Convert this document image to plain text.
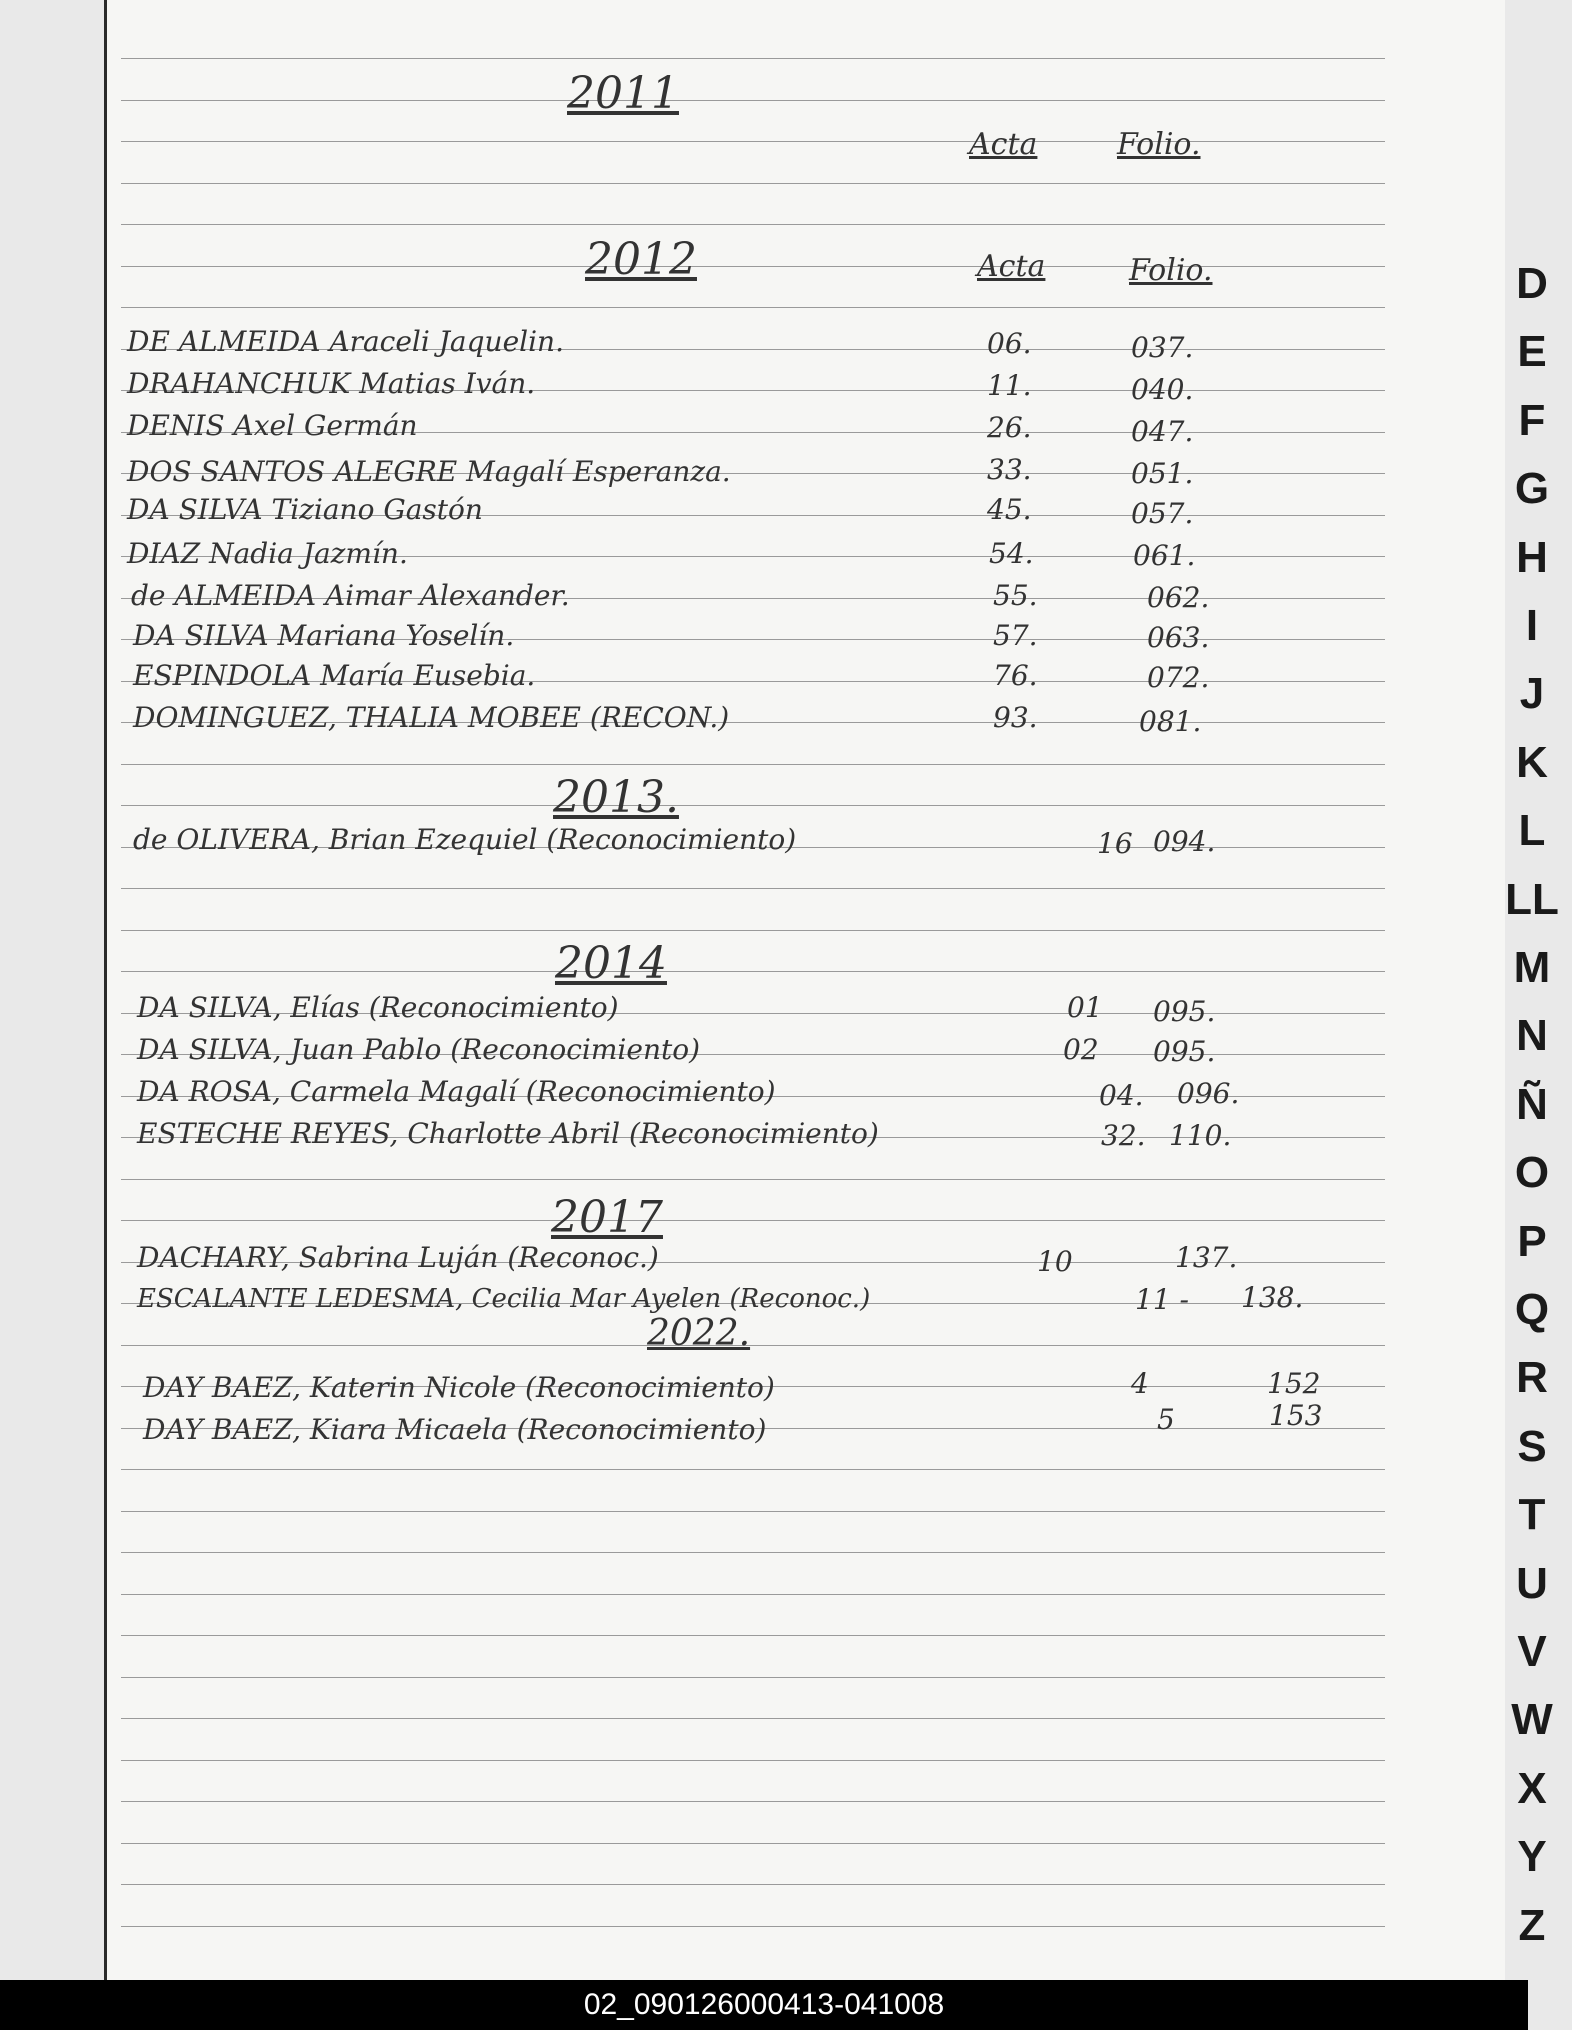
2011
Acta	Folio.
2012	Acta	Folio.
DE ALMEIDA Araceli Jaquelin.	06.	037.
DRAHANCHUK Matias Iván.	11.	040.
DENIS Axel Germán	26.	047.
DOS SANTOS ALEGRE Magalí Esperanza.	33.	051.
DA SILVA Tiziano Gastón	45.	057.
DIAZ Nadia Jazmín.	54.	061.
de ALMEIDA Aimar Alexander.	55.	062.
DA SILVA Mariana Yoselín.	57.	063.
ESPINDOLA María Eusebia.	76.	072.
DOMINGUEZ, THALIA MOBEE (RECON.)	93.	081.
2013.
de OLIVERA, Brian Ezequiel (Reconocimiento)	16 094.
2014
DA SILVA, Elías (Reconocimiento)	01 095.
DA SILVA, Juan Pablo (Reconocimiento)	02 095.
DA ROSA, Carmela Magalí (Reconocimiento)	04. 096.
ESTECHE REYES, Charlotte Abril (Reconocimiento)	32. 110.
2017
DACHARY, Sabrina Luján (Reconoc.)	10	137.
ESCALANTE LEDESMA, Cecilia Mar Ayelen (Reconoc.)	11 - 138.
2022.
DAY BAEZ, Katerin Nicole (Reconocimiento)	4	152
DAY BAEZ, Kiara Micaela (Reconocimiento)	5	153
D
E
F
G
H
I
J
K
L
LL
M
N
Ñ
O
P
Q
R
S
T
U
V
W
X
Y
Z
02_090126000413-041008
